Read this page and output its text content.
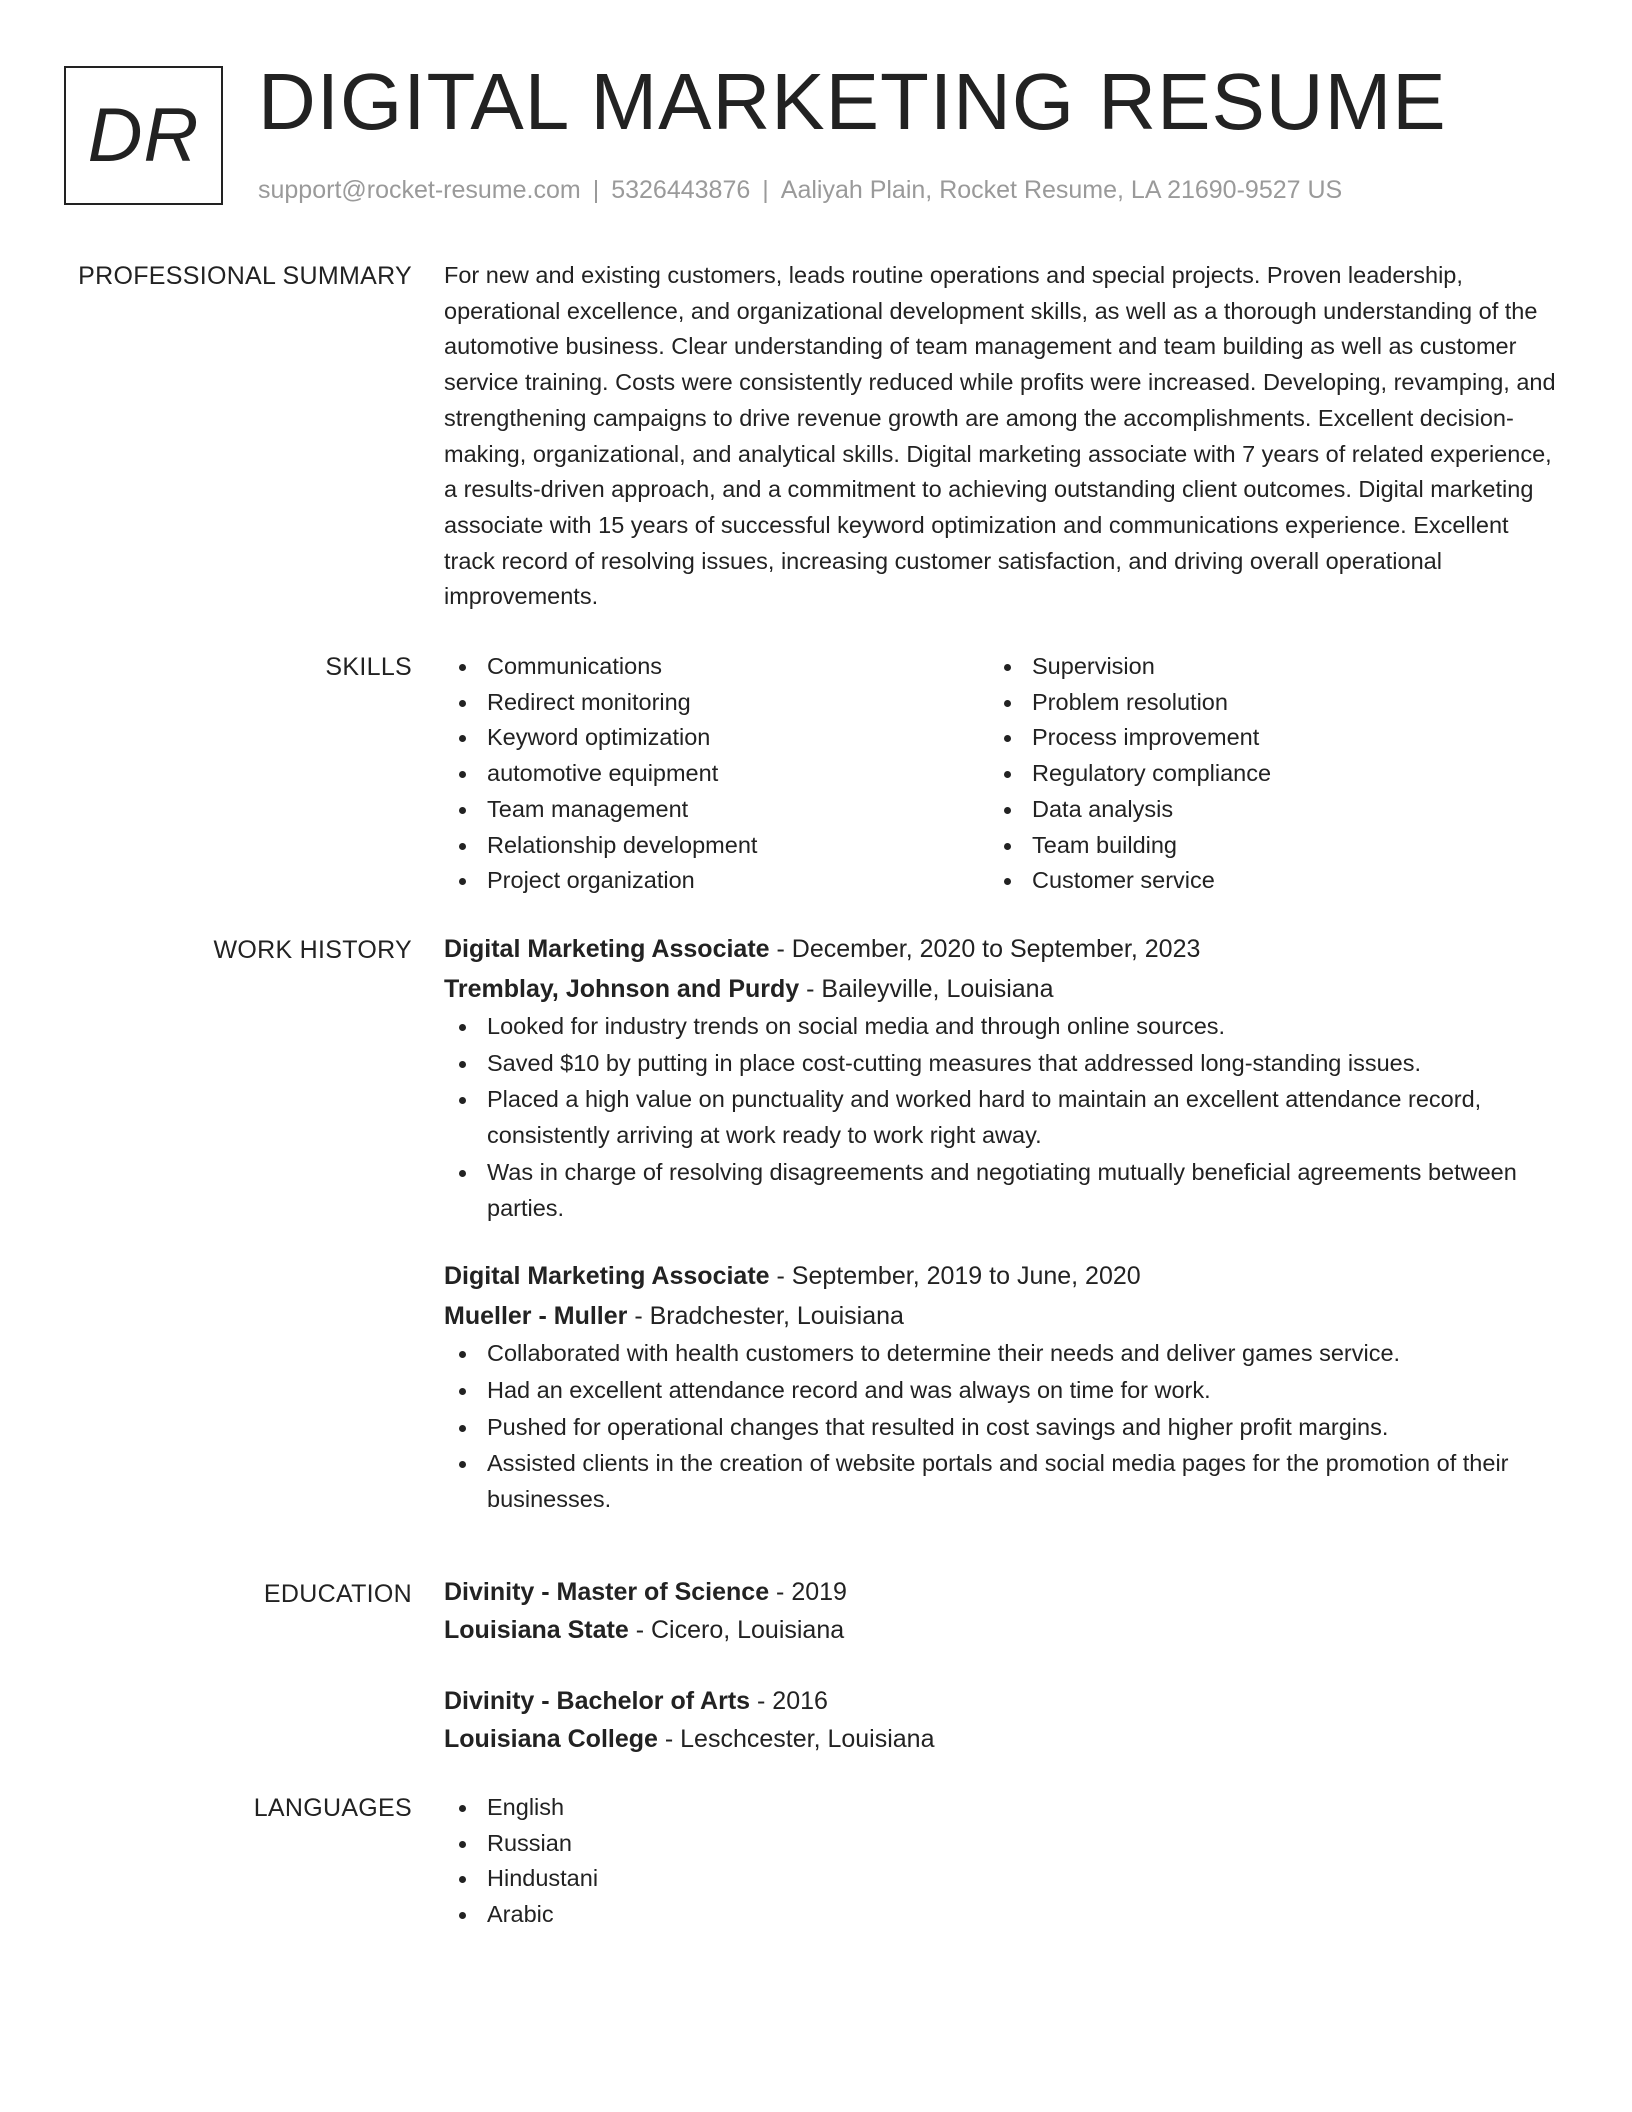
DR DIGITAL MARKETING RESUME
support@rocket-resume.com | 5326443876 | Aaliyah Plain, Rocket Resume, LA 21690-9527 US
PROFESSIONAL SUMMARY For new and existing customers, leads routine operations and special projects. Proven leadership, operational excellence, and organizational development skills, as well as a thorough understanding of the automotive business. Clear understanding of team management and team building as well as customer service training. Costs were consistently reduced while profits were increased. Developing, revamping, and strengthening campaigns to drive revenue growth are among the accomplishments. Excellent decision-making, organizational, and analytical skills. Digital marketing associate with 7 years of related experience, a results-driven approach, and a commitment to achieving outstanding client outcomes. Digital marketing associate with 15 years of successful keyword optimization and communications experience. Excellent track record of resolving issues, increasing customer satisfaction, and driving overall operational improvements.

SKILLS	Communications
Redirect monitoring
Keyword optimization
automotive equipment
Team management
Relationship development
Project organization
Supervision
Problem resolution
Process improvement
Regulatory compliance
Data analysis
Team building
Customer service
WORK HISTORY Digital Marketing Associate - December, 2020 to September, 2023
Tremblay, Johnson and Purdy - Baileyville, Louisiana
Looked for industry trends on social media and through online sources.
Saved $10 by putting in place cost-cutting measures that addressed long-standing issues.
Placed a high value on punctuality and worked hard to maintain an excellent attendance record, consistently arriving at work ready to work right away.
Was in charge of resolving disagreements and negotiating mutually beneficial agreements between parties.
Digital Marketing Associate - September, 2019 to June, 2020
Mueller - Muller - Bradchester, Louisiana
Collaborated with health customers to determine their needs and deliver games service.
Had an excellent attendance record and was always on time for work.
Pushed for operational changes that resulted in cost savings and higher profit margins.
Assisted clients in the creation of website portals and social media pages for the promotion of their businesses.
EDUCATION Divinity - Master of Science - 2019
Louisiana State - Cicero, Louisiana
Divinity - Bachelor of Arts - 2016
Louisiana College - Leschcester, Louisiana
LANGUAGES	English
Russian
Hindustani
Arabic
